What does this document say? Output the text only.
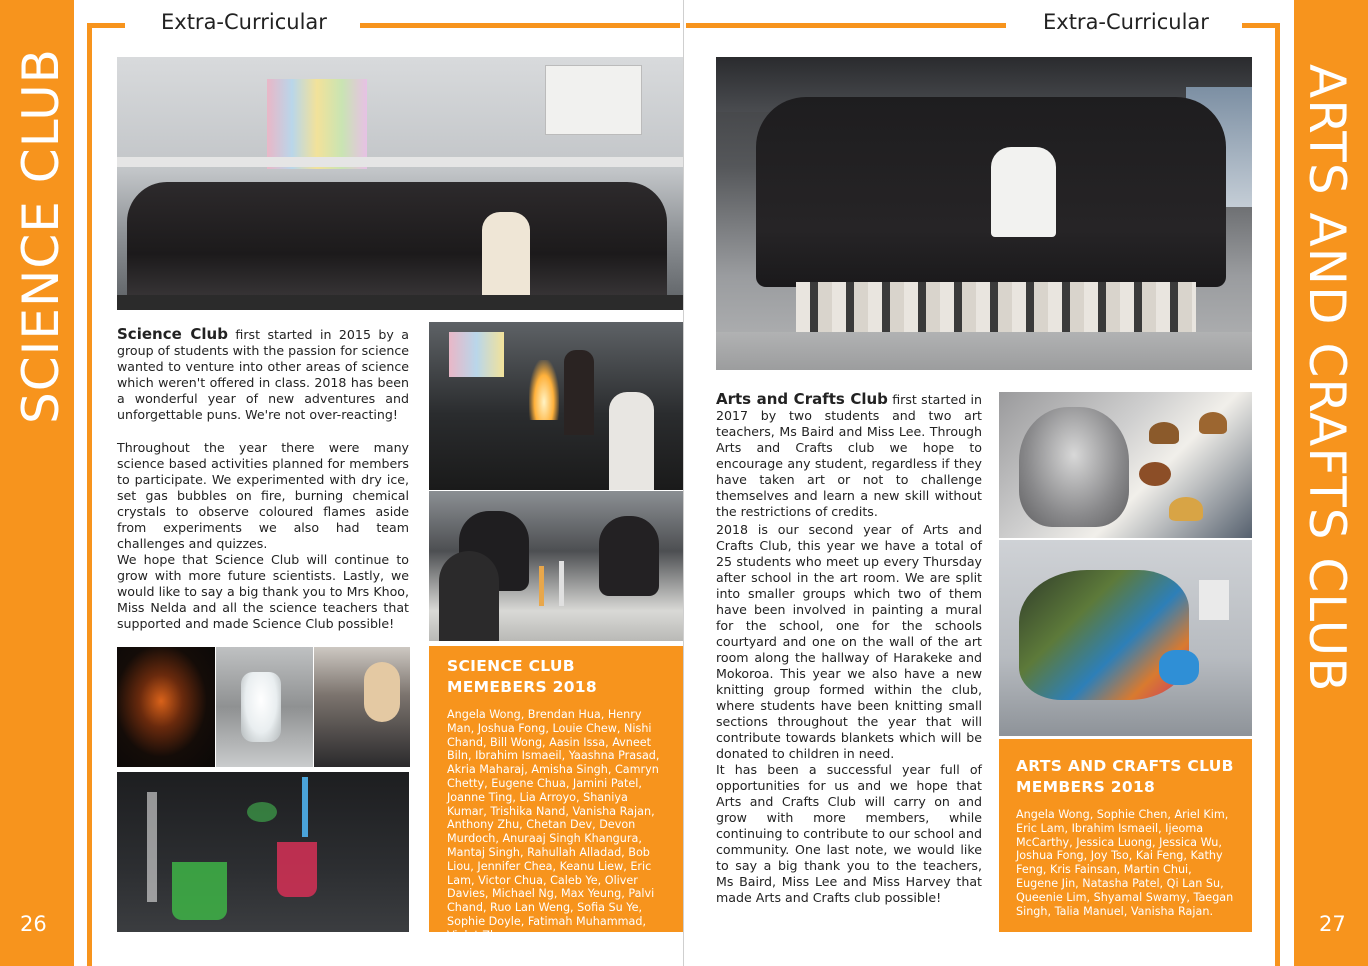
SCIENCE CLUB
26
Extra-Curricular

Science Club first started in 2015 by a group of students with the passion for science wanted to venture into other areas of science which weren't offered in class. 2018 has been a wonderful year of new adventures and unforgettable puns. We're not over-reacting!

Throughout the year there were many science based activities planned for members to participate. We experimented with dry ice, set gas bubbles on fire, burning chemical crystals to observe coloured flames aside from experiments we also had team challenges and quizzes.

We hope that Science Club will continue to grow with more future scientists. Lastly, we would like to say a big thank you to Mrs Khoo, Miss Nelda and all the science teachers that supported and made Science Club possible!

SCIENCE CLUB
MEMEBERS 2018

Angela Wong, Brendan Hua, Henry Man, Joshua Fong, Louie Chew, Nishi Chand, Bill Wong, Aasin Issa, Avneet Biln, Ibrahim Ismaeil, Yaashna Prasad, Akria Maharaj, Amisha Singh, Camryn Chetty, Eugene Chua, Jamini Patel, Joanne Ting, Lia Arroyo, Shaniya Kumar, Trishika Nand, Vanisha Rajan, Anthony Zhu, Chetan Dev, Devon Murdoch, Anuraaj Singh Khangura, Mantaj Singh, Rahullah Alladad, Bob Liou, Jennifer Chea, Keanu Liew, Eric Lam, Victor Chua, Caleb Ye, Oliver Davies, Michael Ng, Max Yeung, Palvi Chand, Ruo Lan Weng, Sofia Su Ye, Sophie Doyle, Fatimah Muhammad, Violet Zheng.

ARTS AND CRAFTS CLUB
27
Extra-Curricular

Arts and Crafts Club first started in 2017 by two students and two art teachers, Ms Baird and Miss Lee. Through Arts and Crafts club we hope to encourage any student, regardless if they have taken art or not to challenge themselves and learn a new skill without the restrictions of credits.

2018 is our second year of Arts and Crafts Club, this year we have a total of 25 students who meet up every Thursday after school in the art room. We are split into smaller groups which two of them have been involved in painting a mural for the school, one for the schools courtyard and one on the wall of the art room along the hallway of Harakeke and Mokoroa. This year we also have a new knitting group formed within the club, where students have been knitting small sections throughout the year that will contribute towards blankets which will be donated to children in need.

It has been a successful year full of opportunities for us and we hope that Arts and Crafts Club will carry on and grow with more members, while continuing to contribute to our school and community. One last note, we would like to say a big thank you to the teachers, Ms Baird, Miss Lee and Miss Harvey that made Arts and Crafts club possible!

ARTS AND CRAFTS CLUB
MEMBERS 2018

Angela Wong, Sophie Chen, Ariel Kim, Eric Lam, Ibrahim Ismaeil, Ijeoma McCarthy, Jessica Luong, Jessica Wu, Joshua Fong, Joy Tso, Kai Feng, Kathy Feng, Kris Fainsan, Martin Chui, Eugene Jin, Natasha Patel, Qi Lan Su, Queenie Lim, Shyamal Swamy, Taegan Singh, Talia Manuel, Vanisha Rajan.
